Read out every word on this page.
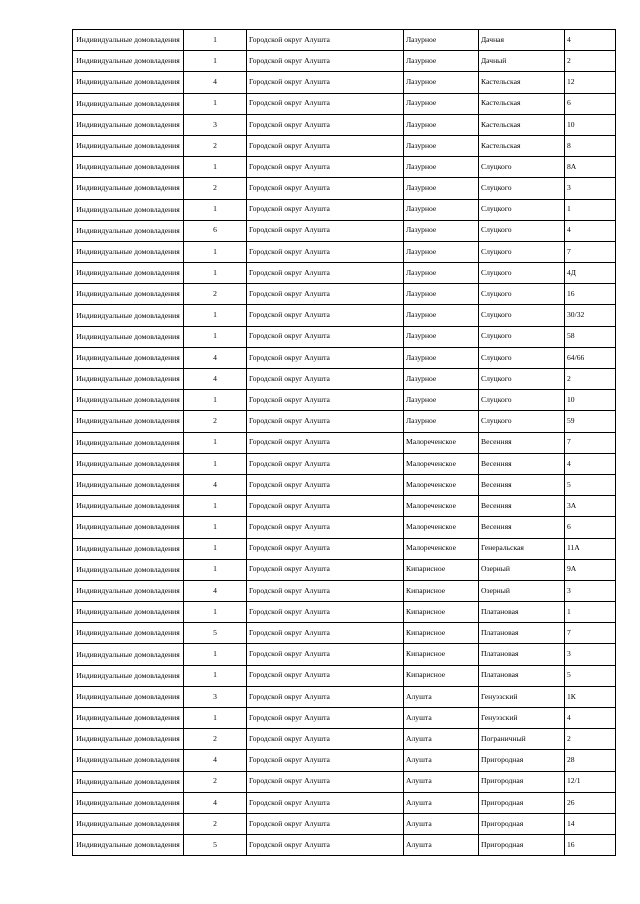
Индивидуальные домовладения	1	Городской округ Алушта	Лазурное	Дачная	4
Индивидуальные домовладения	1	Городской округ Алушта	Лазурное	Дачный	2
Индивидуальные домовладения	4	Городской округ Алушта	Лазурное	Кастельская	12
Индивидуальные домовладения	1	Городской округ Алушта	Лазурное	Кастельская	6
Индивидуальные домовладения	3	Городской округ Алушта	Лазурное	Кастельская	10
Индивидуальные домовладения	2	Городской округ Алушта	Лазурное	Кастельская	8
Индивидуальные домовладения	1	Городской округ Алушта	Лазурное	Слуцкого	8А
Индивидуальные домовладения	2	Городской округ Алушта	Лазурное	Слуцкого	3
Индивидуальные домовладения	1	Городской округ Алушта	Лазурное	Слуцкого	1
Индивидуальные домовладения	6	Городской округ Алушта	Лазурное	Слуцкого	4
Индивидуальные домовладения	1	Городской округ Алушта	Лазурное	Слуцкого	7
Индивидуальные домовладения	1	Городской округ Алушта	Лазурное	Слуцкого	4Д
Индивидуальные домовладения	2	Городской округ Алушта	Лазурное	Слуцкого	16
Индивидуальные домовладения	1	Городской округ Алушта	Лазурное	Слуцкого	30/32
Индивидуальные домовладения	1	Городской округ Алушта	Лазурное	Слуцкого	58
Индивидуальные домовладения	4	Городской округ Алушта	Лазурное	Слуцкого	64/66
Индивидуальные домовладения	4	Городской округ Алушта	Лазурное	Слуцкого	2
Индивидуальные домовладения	1	Городской округ Алушта	Лазурное	Слуцкого	10
Индивидуальные домовладения	2	Городской округ Алушта	Лазурное	Слуцкого	59
Индивидуальные домовладения	1	Городской округ Алушта	Малореченское	Весенняя	7
Индивидуальные домовладения	1	Городской округ Алушта	Малореченское	Весенняя	4
Индивидуальные домовладения	4	Городской округ Алушта	Малореченское	Весенняя	5
Индивидуальные домовладения	1	Городской округ Алушта	Малореченское	Весенняя	3А
Индивидуальные домовладения	1	Городской округ Алушта	Малореченское	Весенняя	6
Индивидуальные домовладения	1	Городской округ Алушта	Малореченское	Генеральская	11А
Индивидуальные домовладения	1	Городской округ Алушта	Кипарисное	Озерный	9А
Индивидуальные домовладения	4	Городской округ Алушта	Кипарисное	Озерный	3
Индивидуальные домовладения	1	Городской округ Алушта	Кипарисное	Платановая	1
Индивидуальные домовладения	5	Городской округ Алушта	Кипарисное	Платановая	7
Индивидуальные домовладения	1	Городской округ Алушта	Кипарисное	Платановая	3
Индивидуальные домовладения	1	Городской округ Алушта	Кипарисное	Платановая	5
Индивидуальные домовладения	3	Городской округ Алушта	Алушта	Генуэзский	1К
Индивидуальные домовладения	1	Городской округ Алушта	Алушта	Генуэзский	4
Индивидуальные домовладения	2	Городской округ Алушта	Алушта	Пограничный	2
Индивидуальные домовладения	4	Городской округ Алушта	Алушта	Пригородная	28
Индивидуальные домовладения	2	Городской округ Алушта	Алушта	Пригородная	12/1
Индивидуальные домовладения	4	Городской округ Алушта	Алушта	Пригородная	26
Индивидуальные домовладения	2	Городской округ Алушта	Алушта	Пригородная	14
Индивидуальные домовладения	5	Городской округ Алушта	Алушта	Пригородная	16
